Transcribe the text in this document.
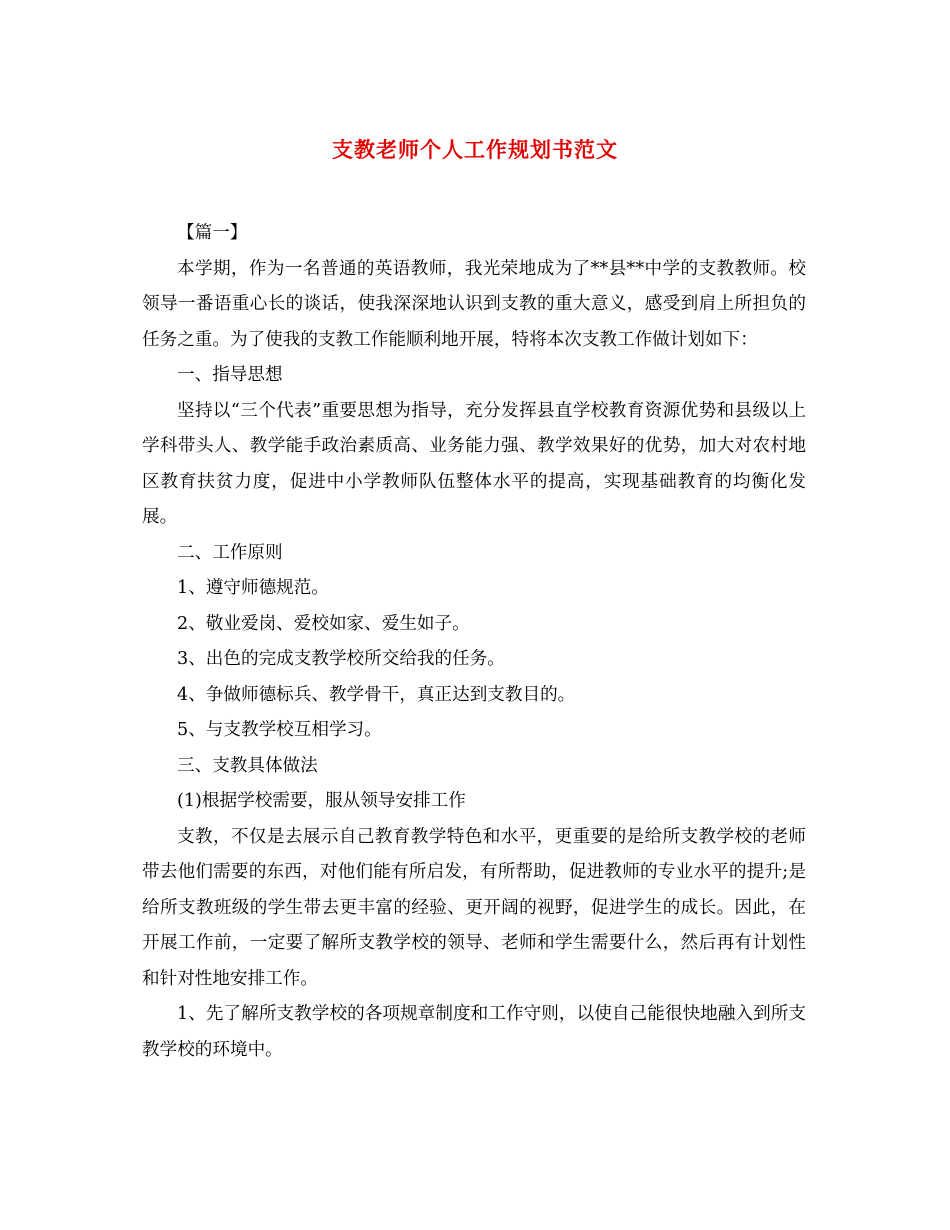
支教老师个人工作规划书范文

【篇一】

本学期，作为一名普通的英语教师，我光荣地成为了**县**中学的支教教师。校领导一番语重心长的谈话，使我深深地认识到支教的重大意义，感受到肩上所担负的任务之重。为了使我的支教工作能顺利地开展，特将本次支教工作做计划如下：

一、指导思想

坚持以“三个代表”重要思想为指导，充分发挥县直学校教育资源优势和县级以上学科带头人、教学能手政治素质高、业务能力强、教学效果好的优势，加大对农村地区教育扶贫力度，促进中小学教师队伍整体水平的提高，实现基础教育的均衡化发展。

二、工作原则

1、遵守师德规范。

2、敬业爱岗、爱校如家、爱生如子。

3、出色的完成支教学校所交给我的任务。

4、争做师德标兵、教学骨干，真正达到支教目的。

5、与支教学校互相学习。

三、支教具体做法

(1)根据学校需要，服从领导安排工作

支教，不仅是去展示自己教育教学特色和水平，更重要的是给所支教学校的老师带去他们需要的东西，对他们能有所启发，有所帮助，促进教师的专业水平的提升;是给所支教班级的学生带去更丰富的经验、更开阔的视野，促进学生的成长。因此，在开展工作前，一定要了解所支教学校的领导、老师和学生需要什么，然后再有计划性和针对性地安排工作。

1、先了解所支教学校的各项规章制度和工作守则，以使自己能很快地融入到所支教学校的环境中。
